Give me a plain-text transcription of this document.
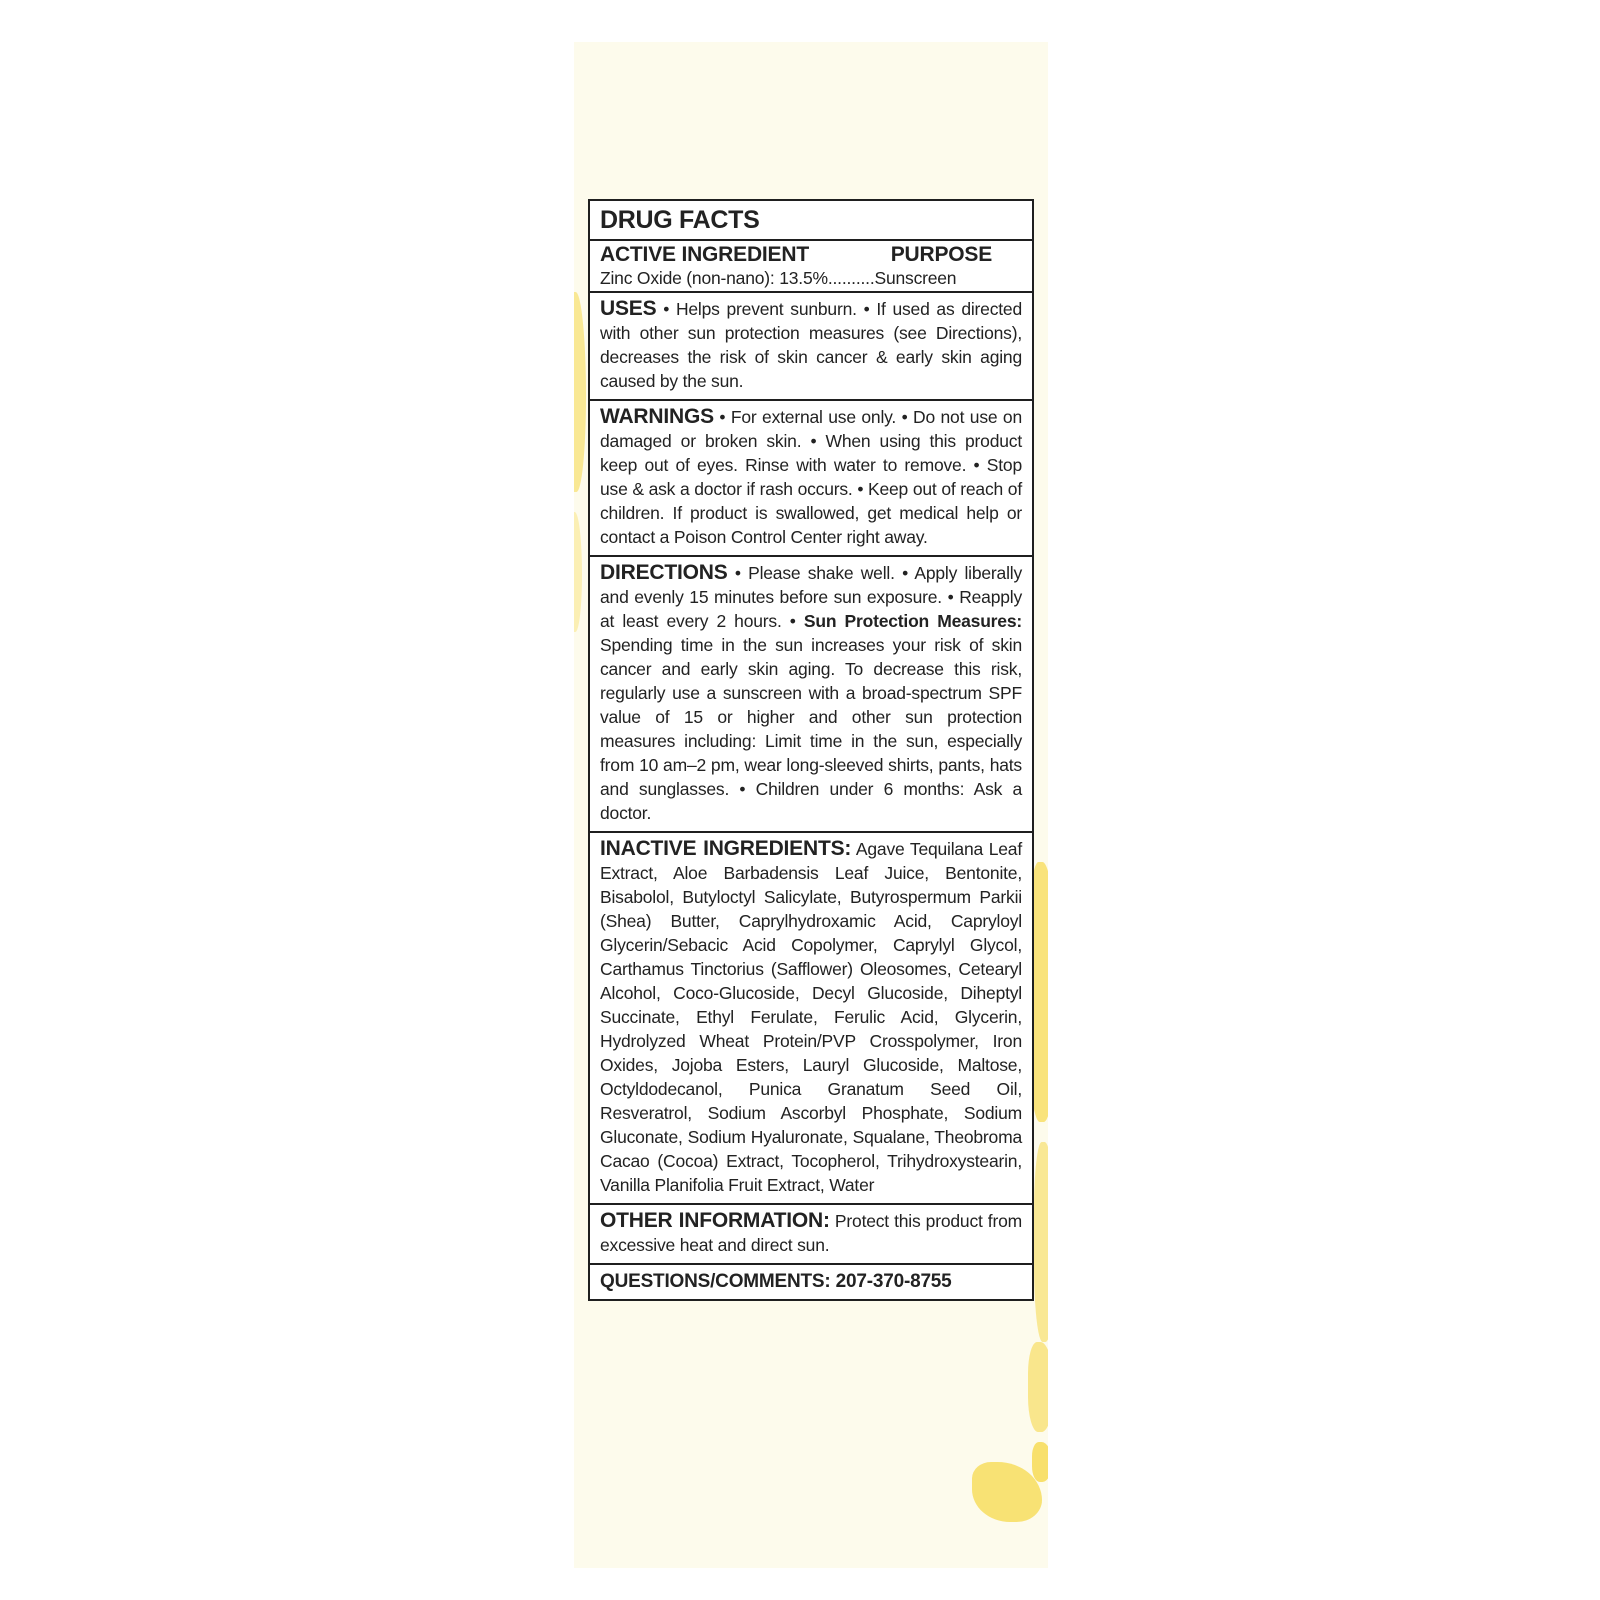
DRUG FACTS
ACTIVE INGREDIENT	PURPOSE
Zinc Oxide (non-nano): 13.5%..........Sunscreen
USES • Helps prevent sunburn. • If used as directed with other sun protection measures (see Directions), decreases the risk of skin cancer & early skin aging caused by the sun.
WARNINGS • For external use only. • Do not use on damaged or broken skin. • When using this product keep out of eyes. Rinse with water to remove. • Stop use & ask a doctor if rash occurs. • Keep out of reach of children. If product is swallowed, get medical help or contact a Poison Control Center right away.
DIRECTIONS • Please shake well. • Apply liberally and evenly 15 minutes before sun exposure. • Reapply at least every 2 hours. • Sun Protection Measures: Spending time in the sun increases your risk of skin cancer and early skin aging. To decrease this risk, regularly use a sunscreen with a broad-spectrum SPF value of 15 or higher and other sun protection measures including: Limit time in the sun, especially from 10 am–2 pm, wear long-sleeved shirts, pants, hats and sunglasses. • Children under 6 months: Ask a doctor.
INACTIVE INGREDIENTS: Agave Tequilana Leaf Extract, Aloe Barbadensis Leaf Juice, Bentonite, Bisabolol, Butyloctyl Salicylate, Butyrospermum Parkii (Shea) Butter, Caprylhydroxamic Acid, Capryloyl Glycerin/Sebacic Acid Copolymer, Caprylyl Glycol, Carthamus Tinctorius (Safflower) Oleosomes, Cetearyl Alcohol, Coco-Glucoside, Decyl Glucoside, Diheptyl Succinate, Ethyl Ferulate, Ferulic Acid, Glycerin, Hydrolyzed Wheat Protein/PVP Crosspolymer, Iron Oxides, Jojoba Esters, Lauryl Glucoside, Maltose, Octyldodecanol, Punica Granatum Seed Oil, Resveratrol, Sodium Ascorbyl Phosphate, Sodium Gluconate, Sodium Hyaluronate, Squalane, Theobroma Cacao (Cocoa) Extract, Tocopherol, Trihydroxystearin, Vanilla Planifolia Fruit Extract, Water
OTHER INFORMATION: Protect this product from excessive heat and direct sun.
QUESTIONS/COMMENTS: 207-370-8755
